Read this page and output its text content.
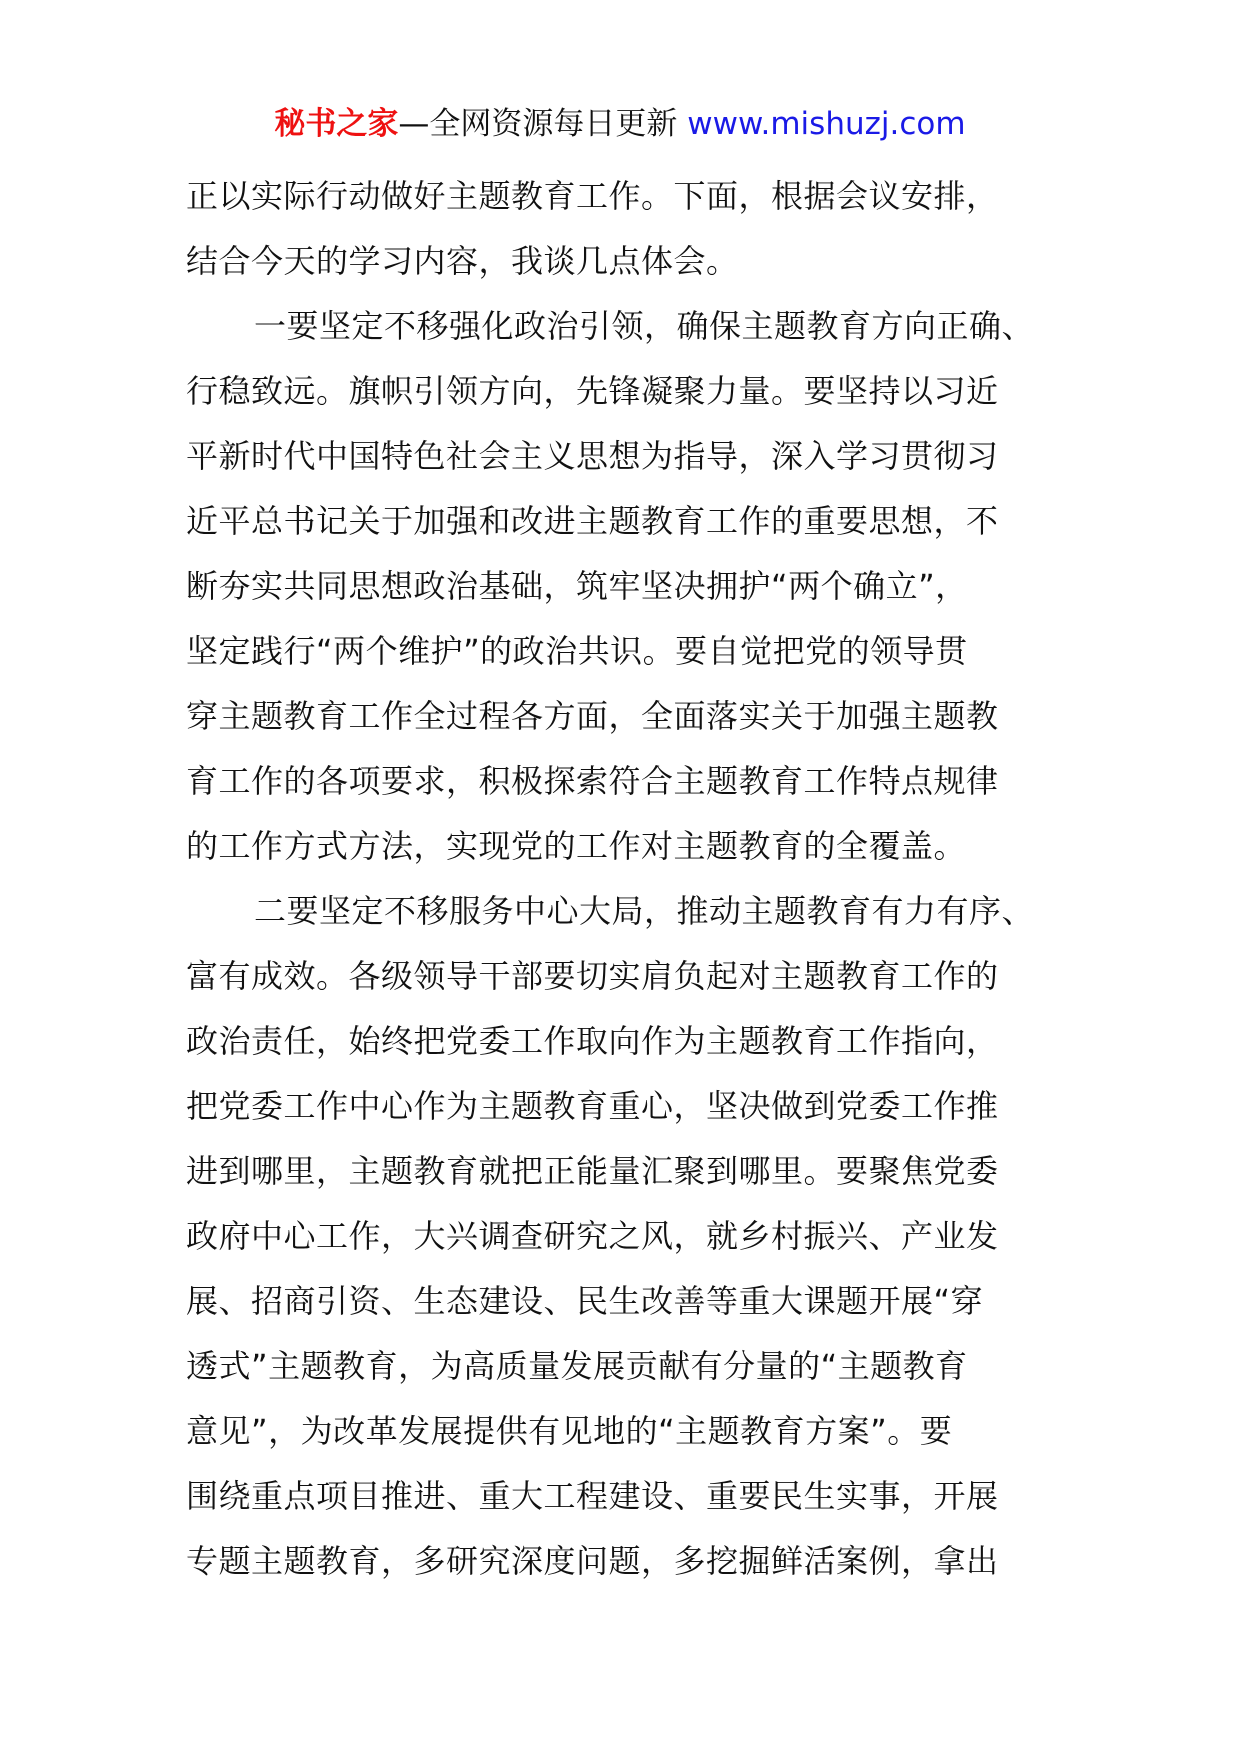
秘书之家—全网资源每日更新 www.mishuzj.com
正以实际行动做好主题教育工作。下面，根据会议安排，
结合今天的学习内容，我谈几点体会。
一要坚定不移强化政治引领，确保主题教育方向正确、
行稳致远。旗帜引领方向，先锋凝聚力量。要坚持以习近
平新时代中国特色社会主义思想为指导，深入学习贯彻习
近平总书记关于加强和改进主题教育工作的重要思想，不
断夯实共同思想政治基础，筑牢坚决拥护“两个确立”，
坚定践行“两个维护”的政治共识。要自觉把党的领导贯
穿主题教育工作全过程各方面，全面落实关于加强主题教
育工作的各项要求，积极探索符合主题教育工作特点规律
的工作方式方法，实现党的工作对主题教育的全覆盖。
二要坚定不移服务中心大局，推动主题教育有力有序、
富有成效。各级领导干部要切实肩负起对主题教育工作的
政治责任，始终把党委工作取向作为主题教育工作指向，
把党委工作中心作为主题教育重心，坚决做到党委工作推
进到哪里，主题教育就把正能量汇聚到哪里。要聚焦党委
政府中心工作，大兴调查研究之风，就乡村振兴、产业发
展、招商引资、生态建设、民生改善等重大课题开展“穿
透式”主题教育，为高质量发展贡献有分量的“主题教育
意见”，为改革发展提供有见地的“主题教育方案”。要
围绕重点项目推进、重大工程建设、重要民生实事，开展
专题主题教育，多研究深度问题，多挖掘鲜活案例，拿出
